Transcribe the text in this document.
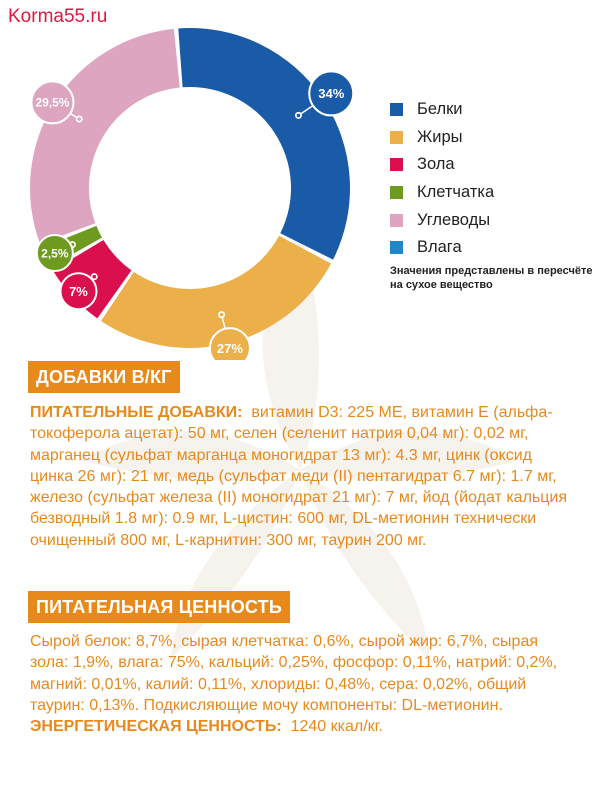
Korma55.ru
34%
27%
7%
2,5%
29,5%	Белки
Жиры
Зола
Клетчатка
Углеводы
Влага
Значения представлены в пересчёте на сухое вещество
ДОБАВКИ В/КГ

ПИТАТЕЛЬНЫЕ ДОБАВКИ: витамин D3: 225 МЕ, витамин Е (альфа-токоферола ацетат): 50 мг, селен (селенит натрия 0,04 мг): 0,02 мг, марганец (сульфат марганца моногидрат 13 мг): 4.3 мг, цинк (оксид цинка 26 мг): 21 мг, медь (сульфат меди (II) пентагидрат 6.7 мг): 1.7 мг, железо (сульфат железа (II) моногидрат 21 мг): 7 мг, йод (йодат кальция безводный 1.8 мг): 0.9 мг, L-цистин: 600 мг, DL-метионин технически очищенный 800 мг, L-карнитин: 300 мг, таурин 200 мг.

ПИТАТЕЛЬНАЯ ЦЕННОСТЬ

Сырой белок: 8,7%, сырая клетчатка: 0,6%, сырой жир: 6,7%, сырая зола: 1,9%, влага: 75%, кальций: 0,25%, фосфор: 0,11%, натрий: 0,2%, магний: 0,01%, калий: 0,11%, хлориды: 0,48%, сера: 0,02%, общий таурин: 0,13%. Подкисляющие мочу компоненты: DL-метионин.

ЭНЕРГЕТИЧЕСКАЯ ЦЕННОСТЬ: 1240 ккал/кг.
